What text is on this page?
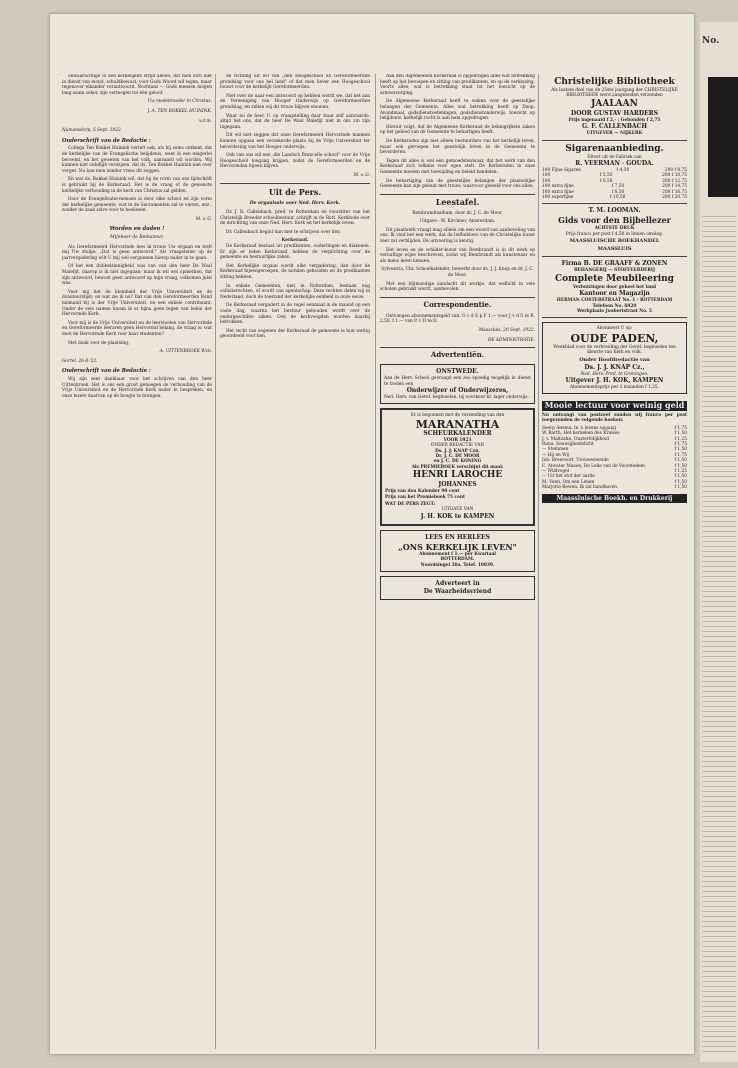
onwaarachtige in den kerkelijken strijd alléén; dat men zich niet in dienst van mond, schuldbewust, voor Gods Woord wil tegen, maar tegenover elkander verantwoord. Nochtans — Gods mensen mogen lang-zaam zeker, zijn vermogen tot één geloof.

Uw medebroeder in Christus,

J. A. TEN BOKKEL HUININK,

v.d.m.

Numansdorp, 5 Sept. 1922.

Onderschrift van de Redactie :

Collega Ten Bokkel Huinink vertelt ook, als hij soms ontkent, dat de kerkelijke van de Evangelische belijdenis, weet in een enigerlei beroemt, en het geweten van het volk, aanvaard wil worden. Wij kunnen niet onbillijk verwijzen, dat ds. Ten Bokkel Huinink niet over verget. Nu kan men zonder vrees dit zeggen.

En wat ds. Bokkel Huinink wil, dat hij de vorm van ons tijdschrift is gebruikt bij de Kerkeraad. Het is de vraag of de gewenste kerkelijke verhouding in de kerk van Christus zal gelden.

Door de Evangelisatie-mensen is door elke school en zijn vorm der kerkelijke gemeente, wat in de Sacramenten zal te vieren, enz., zonder de zaak zelve voor te beslissen.

M. v. G.

Worden en daden !
Mijnheer de Redacteur,

Als Gereformeerd Hervormde lees ik trouw Uw orgaan en treft mij Uw stukje: „Dat is geen antwoord." Als vraagsteller op de jaarvergadering wilt U mij wel vergunnen hierop nader in te gaan.

Of het een dubbelzinnigheid was van van den heer De Waal Malefijt, daarop is ik niet ingegaan; maar ik wil wel opmerken, dat zijn antwoord, bewust geen antwoord op mijn vraag, volkomen juist was.

Voor mij het de kleinheid der Vrije Universiteit en de donateurslijst; en wat zie ik nu? Dat van den Gereformeerden Bond niemand bij is der Vrije Universiteit, en een enkele contribuant. Onder de vele namen kwam ik er bijna geen tegen van leden der Hervormde Kerk.

Voor mij is de Vrije Universiteit en de leerstoelen van Hervormde en Gereformeerde leeraren geen Hervormd belang, de vraag is: wat doet de Hervormde Kerk voor haar studenten?

Met dank voor de plaatsing,

A. UITTENBROEK Wzn.

Gortel, 26-8-'22.

Onderschrift van de Redactie :

Wij zijn zeer dankbaar voor het schrijven van den heer Uittenbroek. Het is ons een groot genoegen de verhouding van de Vrije Universiteit en de Hervormde Kerk nader te bespreken, en onze lezers daarvan op de hoogte te brengen.

de richting uit wil van „den Hoogeschool en Gereformeerden grondslag voor ons hel land" of dat men liever een Hoogeschool bouwt voor de kerkelijk Gereformeerden.

Niet over de naar een antwoord op hebben wordt we, dat het aan de Vereeniging van Hooger Onderwijs op Gereformeerden grondslag, en zullen wij dit trouw blijven steunen.

Waar nu de heer U. op vraagstelling daar staat zelf aanvaarde, altijd het ons, dat de heer De Waal Malefijt niet in ons zin zijn ingegaan.

Dit wil niet zeggen dat onze Gereformeerd Hervormde mannen kunnen opgaan een verzekerde plaats bij de Vrije Universiteit ter bevordering van het Hooger onderwijs.

Ook van ons wil een ‚die Landsch Brancelle school" voor de Vrije Hoogeschool toegang krijgen, zodat de Gereformeerden en de Hervormden bijeen blijven.

M. v. G.

Uit de Pers.
De orgaalsale ooer Ned. Herv. Kerk.

Dr. J. R. Callenbach, pred. te Rotterdam en voorzitter van het Christelijk Breeder schoolbestuur, schrijft in de Rott. Kerkbode over de inrichting van onze Ned. Herv. Kerk en het kerkelijk leven.

Dr. Callenbach begint dan met te schrijven over den

Kerkeraad.

De Kerkeraad bestaat uit predikanten, ouderlingen en diakenen. Er zijn er leden Kerkeraad, hebben de verplichting over de gemeente en bestuurlijke zaken.

Het Kerkelijke orgaan wordt elke vergadering, dan door de Kerkeraad bijeengeroepen, de notulen gehouden en de predikanten zitting hebben.

In enkele Gemeenten, niet in Rotterdam, bestaan nog collatierechten, of wordt van agentschap. Deze rechten delen wij in Nederland, doch de toestand der kerkelijke eenheid in onze eeuw.

De Kerkeraad vergadert in de regel eenmaal in de maand op een vaste dag, waarna het bestuur gehouden wordt over de ondergeschikte zaken. Ook de kerkvoogden worden daarbij betrokken.

Het recht van zegenen der Kerkeraad de gemeente is hun wettig geoordeeld voor hen.

Aan den Algemeenen Kerkeraad is opgedragen alles wat betrekking heeft op het beroepen en zitting van predikanten, en op de verkiezing. Voorts alles, wat is betrekking staat tot het toezicht op de armverzorging.

De Algemeene Kerkeraad heeft te waken voor de geestelijke belangen der Gemeente. Alles wat betrekking heeft op Doop, Avondmaal, godsdienstoefeningen, godsdienstonderwijs, toezicht op belijdenis, kerkelijk tucht is aan hem opgedragen.

Hieruit volgt, dat de Algemeene Kerkeraad de belangrijkste zaken op het gebied van de Gemeente te behartigen heeft.

De Kerkeraden zijn niet alleen bestuurders van het kerkelijk leven, maar ook geroepen het geestelijk leven in de Gemeente te bevorderen.

Tegen dit alles is wel een gemoedsbezwaar, dat het werk van den Kerkeraad zich telkens voor ogen stelt. De Kerkeraden in onze Gemeente moeten met toewijding en beleid handelen.

De behartiging van de geestelijke belangen der plaatselijke Gemeente kan zijn gebaat met trouw, waarvoor gesteld voor ons allen.

Leestafel.

Rembrandtsalbum, door dr. J. C. de Moor.

Uitgave : W. Kirchner, Amsterdam.

Dit plaatwerk vraagt mag alléén om een woord van aanbeveling van ons. Ik vind het een werk, dat de liefhebbers van de Christelijke kunst zeer zal verblijden. De uitvoering is keurig.

Het leven en de schilder-kunst van Rembrandt is in dit werk op vernuftige wijze beschreven, zodat wij Rembrandt als kunstenaar en als mens leren kennen.

Sylvestria, Chr. Schoolkalender, bewerkt door ds. J. J. Knap en dr. J. C. de Moor.

Met een blijmoedige aandacht dit werkje, dat wellicht in vele scholen gebruikt wordt, aanbevolen.

Correspondentie.

Ontvangen abonnementsgeld van: G v d S p F 1.— voor J v d S te R. 2,50. f 1.— van P. v D te D.

Maassluis, 20 Sept. 1922.

DE ADMINISTRATIE.

Advertentiën.
ONSTWEDE.
Aan de Herv. School gevraagd een zoo spoedig mogelijk in dienst te treden een
Onderwijzer of Onderwijzeres,
Ned. Herv. van Geref. beginselen, bij voorkeur kl. lager onderwijs.
Er is begonnen met de verzending van den
MARANATHA
SCHEURKALENDER
VOOR 1923
ONDER REDACTIE VAN
Ds. J. J. KNAP Czn.
Dr. J. C. DE MOOR
en J. C. DE KONING
Als PREMIEBOEK verschijnt dit maal:
HENRI LAROCHE
JOHANNES
Prijs van den Kalender 90 cent
Prijs van het Premieboek 75 cent
WAT DE PERS ZEGT:
UITGAVE VAN
J. H. KOK te KAMPEN
LEES EN HERLEES
„ONS KERKELIJK LEVEN"
Abonnement f 1.— per Kwartaal
ROTTERDAM.
Noordsingel 20a. Telef. 10839.
Adverteert in
De Waarheidsvriend
Christelijke Bibliotheek
Als laatste deel van de 25ste jaargang der CHRISTELIJKE BIBLIOTHEEK werd aangeboden verzonden
JAALAAN
DOOR GUSTAV HARDERS
Prijs ingenaaid f 2,- ; Gebonden f 2,75
G. F. CALLENBACH
UITGEVER — NIJKERK
Sigarenaanbieding.
Direct uit de Fabriek van
R. VEERMAN · GOUDA.
100 Fijne Sigaren	f 4,50	200 f 8,75
100	f 5,50	200 f 10,75
100	f 6,50	200 f 12,75
100 extra fijne	f 7,50	200 f 14,75
100 extra fijne	f 8,50	200 f 16,75
100 superfijne	f 10,50	200 f 20,75
T. M. LOOMAN.
Gids voor den Bijbellezer
ACHTSTE DRUK
Prijs franco per post f 4,50 in linnen omslag.
MAASSLUISCHE BOEKHANDEL
MAASSLUIS
Firma B. DE GRAAFF & ZONEN
BEHANGERIJ — STOFFEERDERIJ
Complete Meubileering
Verbuizingen door geheel het land
Kantoor en Magazijn
HERMAN COSTERSTRAAT No. 1 - ROTTERDAM
Telefoon No. 6920
Werkplaats Joubertstraat No. 5
Abonneert U op:
OUDE PADEN,
Weekblad voor de verbreiding der Geref. beginselen ten dienste van Kerk en volk.
Onder Hoofdredactie van
Ds. J. J. KNAP Cz.,
Ned. Herv. Pred. te Groningen.
Uitgever J. H. KOK, KAMPEN
Abonnementsprijs per 3 maanden f 1,25.
Mooie lectuur voor weinig geld
Nu ontvangt van postzeef zonden wij franco per post toegezonden de volgende boeken:
Seerp Anema, In 's levens opgang	f 1,75
W. Barth, Het kerkeken des Kruises	f 1,50
J. v. Maltzahn, Onsterfelijkheid	f 1,25
Runa, Eeuwigheidslicht	f 1,75
— Stemmen	f 1,50
— Hij en Wij	f 1,75
Joh. Breevoort, Vrouwenweide	f 1,50
C. Atwater Mason, De Lelie van de Voorstedem	f 1,50
— Wildvogel	f 1,25
— Uit het stof der aarde	f 1,50
M. Venn, Om een Lenen	f 1,50
Marjorie Bowen, Ik zal handhaven	f 1,50
Maassluische Boekh. en Drukkerij
No.
